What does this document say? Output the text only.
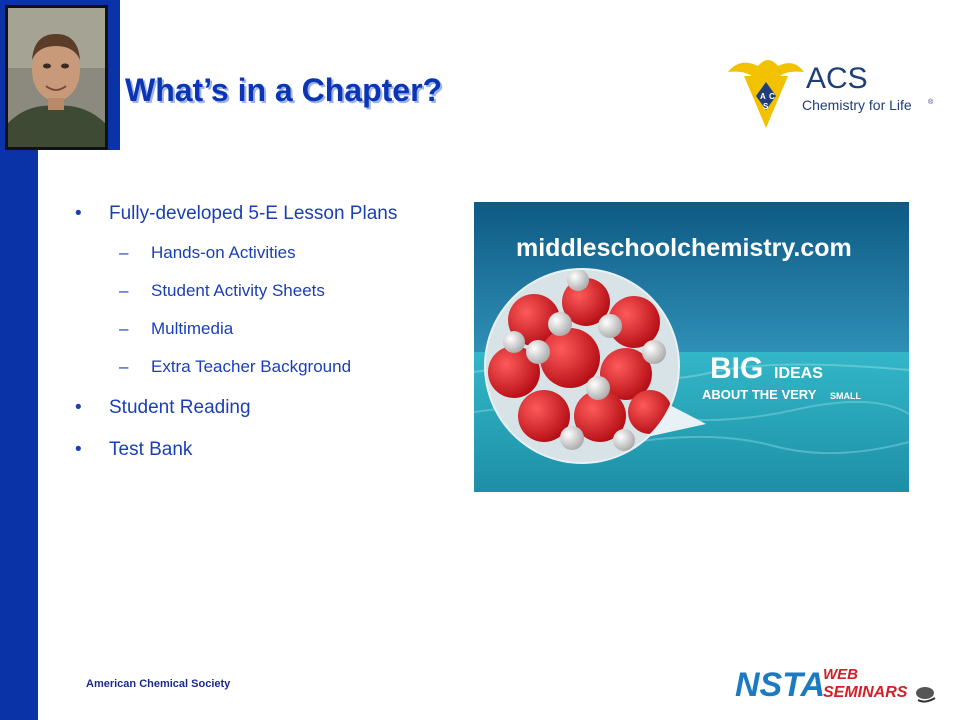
What’s in a Chapter?	A C
S
ACS
Chemistry for Life ®
• Fully-developed 5-E Lesson Plans
– Hands-on Activities
– Student Activity Sheets
– Multimedia
– Extra Teacher Background
• Student Reading
• Test Bank
middleschoolchemistry.com
BIG IDEAS
ABOUT THE VERY SMALL
American Chemical Society	NSTA
WEB
SEMINARS
